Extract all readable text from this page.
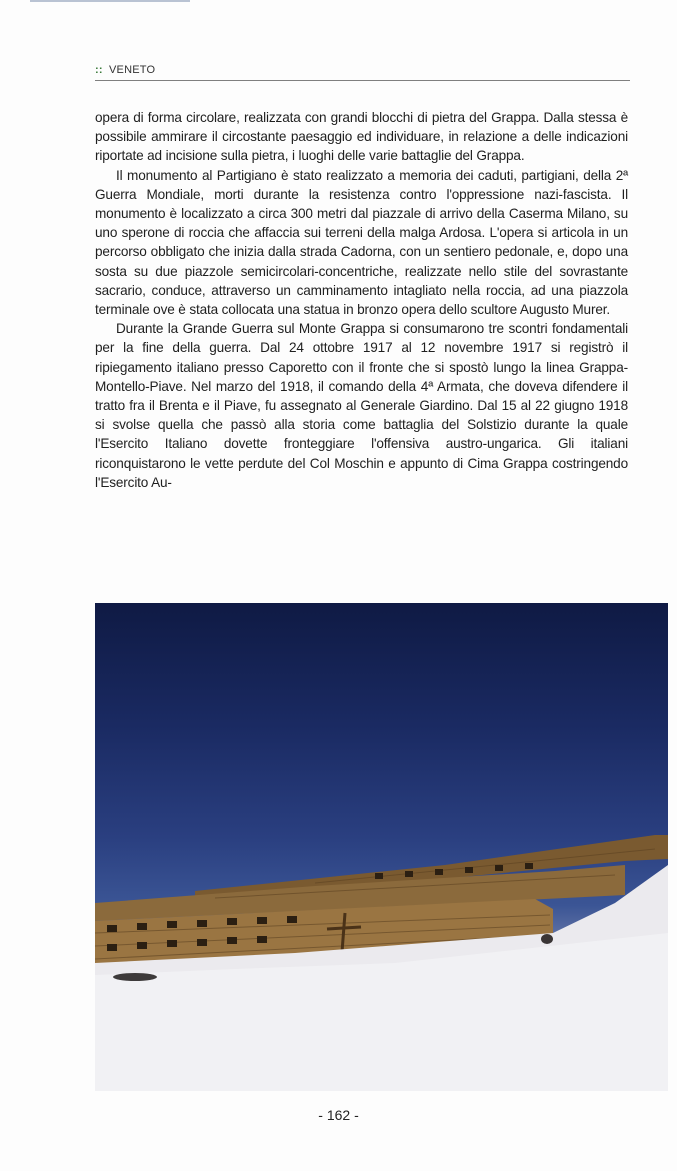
:: VENETO

opera di forma circolare, realizzata con grandi blocchi di pietra del Grappa. Dalla stessa è possibile ammirare il circostante paesaggio ed individuare, in relazione a delle indicazioni riportate ad incisione sulla pietra, i luoghi delle varie battaglie del Grappa.

Il monumento al Partigiano è stato realizzato a memoria dei caduti, partigiani, della 2ª Guerra Mondiale, morti durante la resistenza contro l'oppressione nazi-fascista. Il monumento è localizzato a circa 300 metri dal piazzale di arrivo della Caserma Milano, su uno sperone di roccia che affaccia sui terreni della malga Ardosa. L'opera si articola in un percorso obbligato che inizia dalla strada Cadorna, con un sentiero pedonale, e, dopo una sosta su due piazzole semicircolari-concentriche, realizzate nello stile del sovrastante sacrario, conduce, attraverso un camminamento intagliato nella roccia, ad una piazzola terminale ove è stata collocata una statua in bronzo opera dello scultore Augusto Murer.

Durante la Grande Guerra sul Monte Grappa si consumarono tre scontri fondamentali per la fine della guerra. Dal 24 ottobre 1917 al 12 novembre 1917 si registrò il ripiegamento italiano presso Caporetto con il fronte che si spostò lungo la linea Grappa-Montello-Piave. Nel marzo del 1918, il comando della 4ª Armata, che doveva difendere il tratto fra il Brenta e il Piave, fu assegnato al Generale Giardino. Dal 15 al 22 giugno 1918 si svolse quella che passò alla storia come battaglia del Solstizio durante la quale l'Esercito Italiano dovette fronteggiare l'offensiva austro-ungarica. Gli italiani riconquistarono le vette perdute del Col Moschin e appunto di Cima Grappa costringendo l'Esercito Au-

- 162 -
